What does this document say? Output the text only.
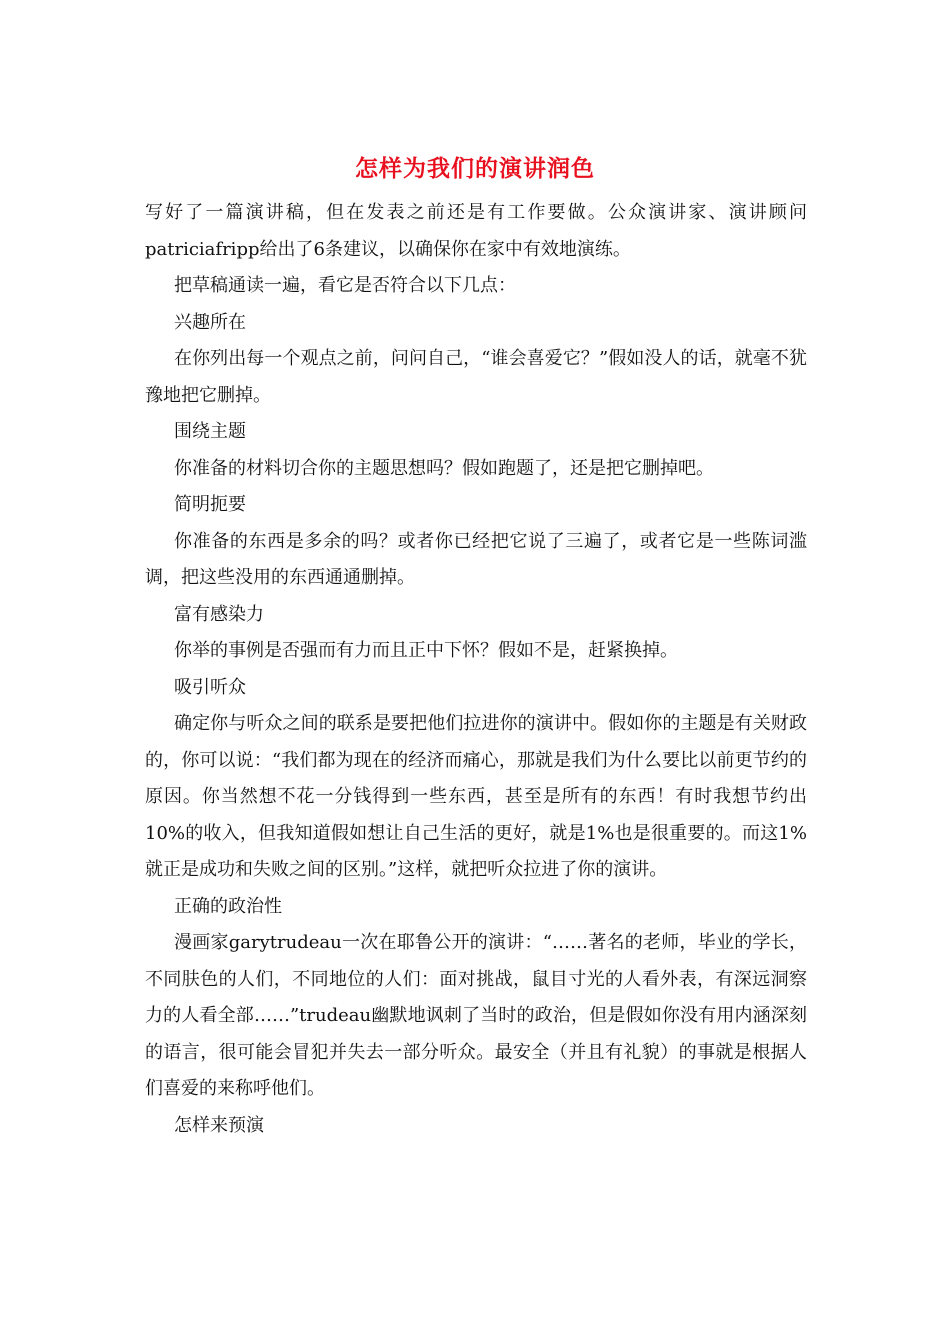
怎样为我们的演讲润色

写好了一篇演讲稿，但在发表之前还是有工作要做。公众演讲家、演讲顾问patriciafripp给出了6条建议，以确保你在家中有效地演练。

把草稿通读一遍，看它是否符合以下几点：

兴趣所在

在你列出每一个观点之前，问问自己，“谁会喜爱它？”假如没人的话，就毫不犹豫地把它删掉。

围绕主题

你准备的材料切合你的主题思想吗？假如跑题了，还是把它删掉吧。

简明扼要

你准备的东西是多余的吗？或者你已经把它说了三遍了，或者它是一些陈词滥调，把这些没用的东西通通删掉。

富有感染力

你举的事例是否强而有力而且正中下怀？假如不是，赶紧换掉。

吸引听众

确定你与听众之间的联系是要把他们拉进你的演讲中。假如你的主题是有关财政的，你可以说：“我们都为现在的经济而痛心，那就是我们为什么要比以前更节约的原因。你当然想不花一分钱得到一些东西，甚至是所有的东西！有时我想节约出10%的收入，但我知道假如想让自己生活的更好，就是1%也是很重要的。而这1%就正是成功和失败之间的区别。”这样，就把听众拉进了你的演讲。

正确的政治性

漫画家garytrudeau一次在耶鲁公开的演讲：“……著名的老师，毕业的学长，不同肤色的人们，不同地位的人们：面对挑战，鼠目寸光的人看外表，有深远洞察力的人看全部……”trudeau幽默地讽刺了当时的政治，但是假如你没有用内涵深刻的语言，很可能会冒犯并失去一部分听众。最安全（并且有礼貌）的事就是根据人们喜爱的来称呼他们。

怎样来预演
